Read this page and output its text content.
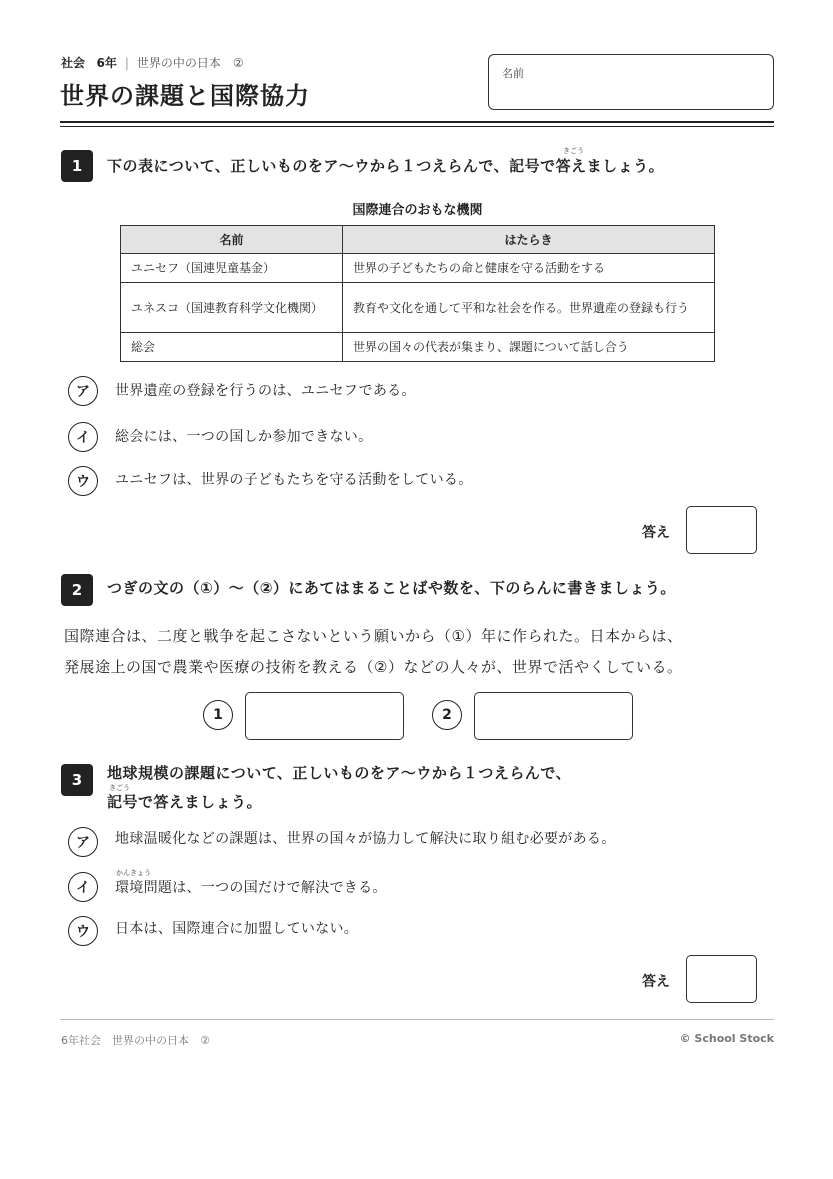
社会 6年 | 世界の中の日本　②
世界の課題と国際協力
名前
1
きごう
下の表について、正しいものをア〜ウから１つえらんで、記号で答えましょう。
国際連合のおもな機関
名前	はたらき
ユニセフ（国連児童基金）	世界の子どもたちの命と健康を守る活動をする
ユネスコ（国連教育科学文化機関）	教育や文化を通して平和な社会を作る。世界遺産の登録も行う
総会	世界の国々の代表が集まり、課題について話し合う
ア	世界遺産の登録を行うのは、ユニセフである。
イ	総会には、一つの国しか参加できない。
ウ	ユニセフは、世界の子どもたちを守る活動をしている。
答え
2	つぎの文の（①）〜（②）にあてはまることばや数を、下のらんに書きましょう。
国際連合は、二度と戦争を起こさないという願いから（①）年に作られた。日本からは、
発展途上の国で農業や医療の技術を教える（②）などの人々が、世界で活やくしている。
1	2
3	地球規模の課題について、正しいものをア〜ウから１つえらんで、
きごう
記号で答えましょう。
ア	地球温暖化などの課題は、世界の国々が協力して解決に取り組む必要がある。
イ
かんきょう
環境問題は、一つの国だけで解決できる。
ウ	日本は、国際連合に加盟していない。
答え
6年社会　世界の中の日本　②	© School Stock
